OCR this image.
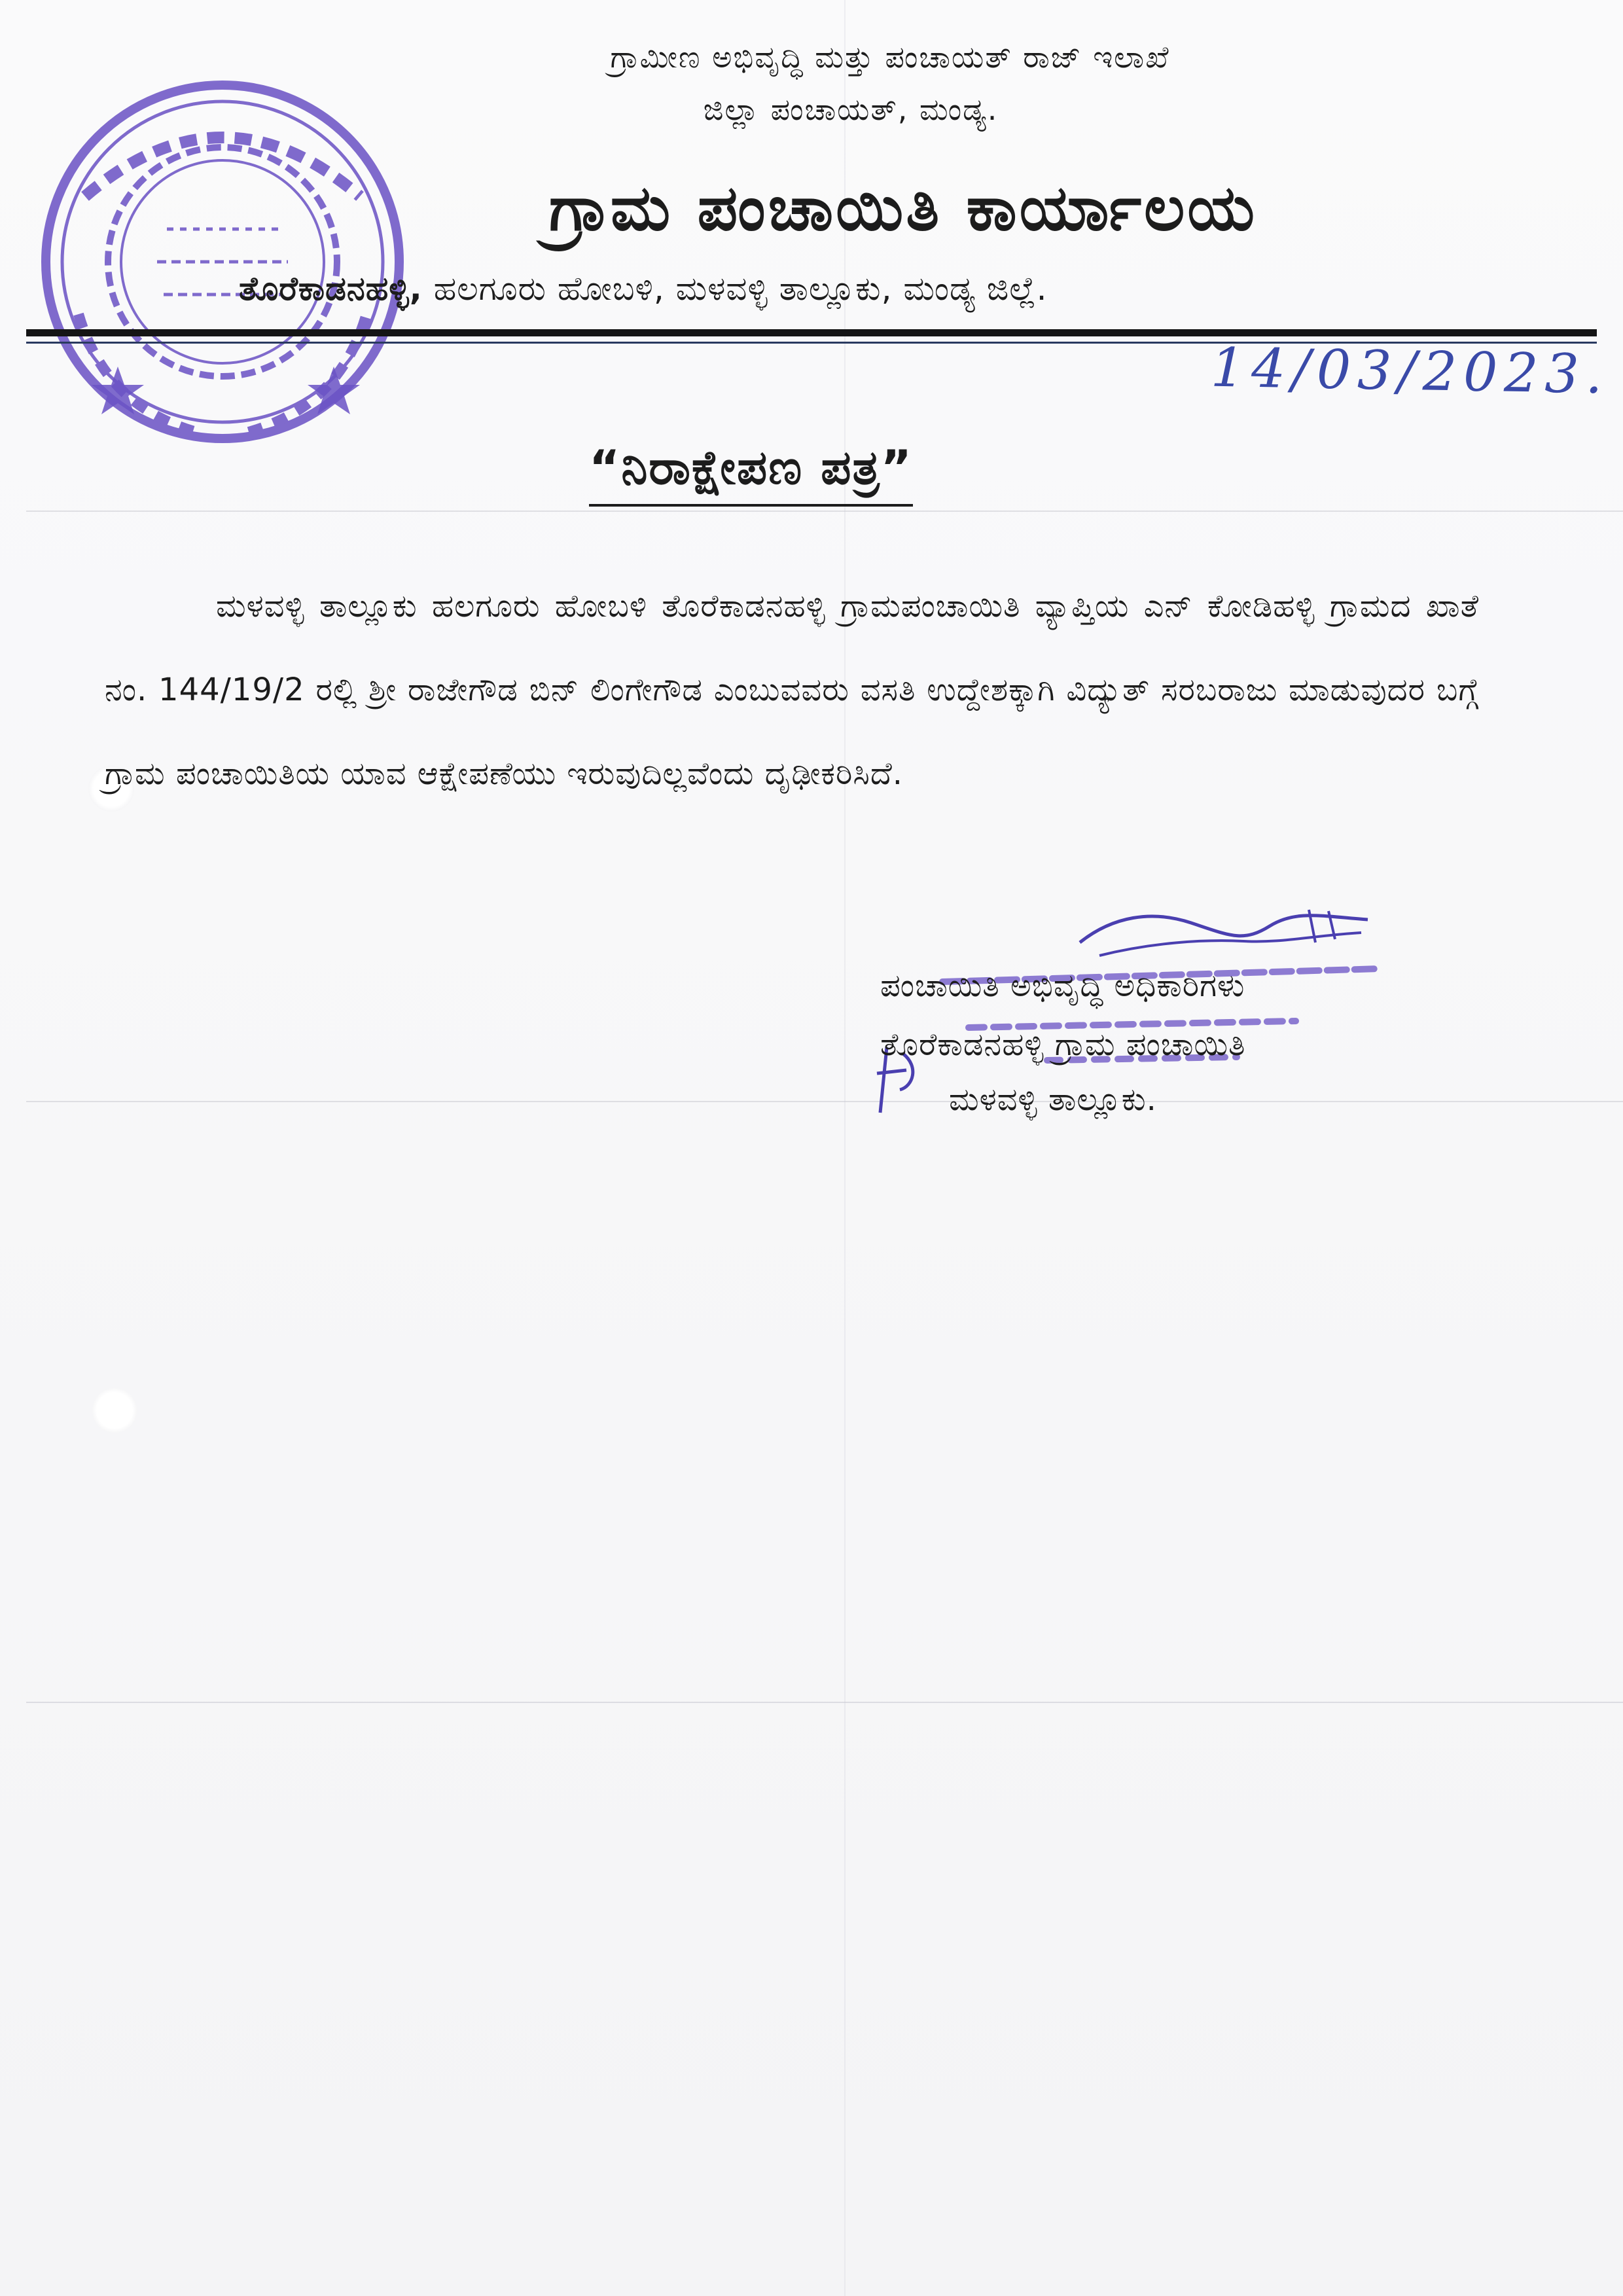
ಗ್ರಾಮೀಣ ಅಭಿವೃದ್ಧಿ ಮತ್ತು ಪಂಚಾಯತ್ ರಾಜ್ ಇಲಾಖೆ
ಜಿಲ್ಲಾ ಪಂಚಾಯತ್, ಮಂಡ್ಯ.
ಗ್ರಾಮ ಪಂಚಾಯಿತಿ ಕಾರ್ಯಾಲಯ
ತೊರೆಕಾಡನಹಳ್ಳಿ, ಹಲಗೂರು ಹೋಬಳಿ, ಮಳವಳ್ಳಿ ತಾಲ್ಲೂಕು, ಮಂಡ್ಯ ಜಿಲ್ಲೆ.
14/03/2023.
“ನಿರಾಕ್ಷೇಪಣ ಪತ್ರ”
ಮಳವಳ್ಳಿ ತಾಲ್ಲೂಕು ಹಲಗೂರು ಹೋಬಳಿ ತೊರೆಕಾಡನಹಳ್ಳಿ ಗ್ರಾಮಪಂಚಾಯಿತಿ ವ್ಯಾಪ್ತಿಯ ಎನ್ ಕೋಡಿಹಳ್ಳಿ ಗ್ರಾಮದ ಖಾತೆ ನಂ. 144/19/2 ರಲ್ಲಿ ಶ್ರೀ ರಾಜೇಗೌಡ ಬಿನ್ ಲಿಂಗೇಗೌಡ ಎಂಬುವವರು ವಸತಿ ಉದ್ದೇಶಕ್ಕಾಗಿ ವಿದ್ಯುತ್ ಸರಬರಾಜು ಮಾಡುವುದರ ಬಗ್ಗೆ ಗ್ರಾಮ ಪಂಚಾಯಿತಿಯ ಯಾವ ಆಕ್ಷೇಪಣೆಯು ಇರುವುದಿಲ್ಲವೆಂದು ದೃಢೀಕರಿಸಿದೆ.
ಪಂಚಾಯಿತಿ ಅಭಿವೃದ್ಧಿ ಅಧಿಕಾರಿಗಳು
ತೊರೆಕಾಡನಹಳ್ಳಿ ಗ್ರಾಮ ಪಂಚಾಯಿತಿ
ಮಳವಳ್ಳಿ ತಾಲ್ಲೂಕು.
